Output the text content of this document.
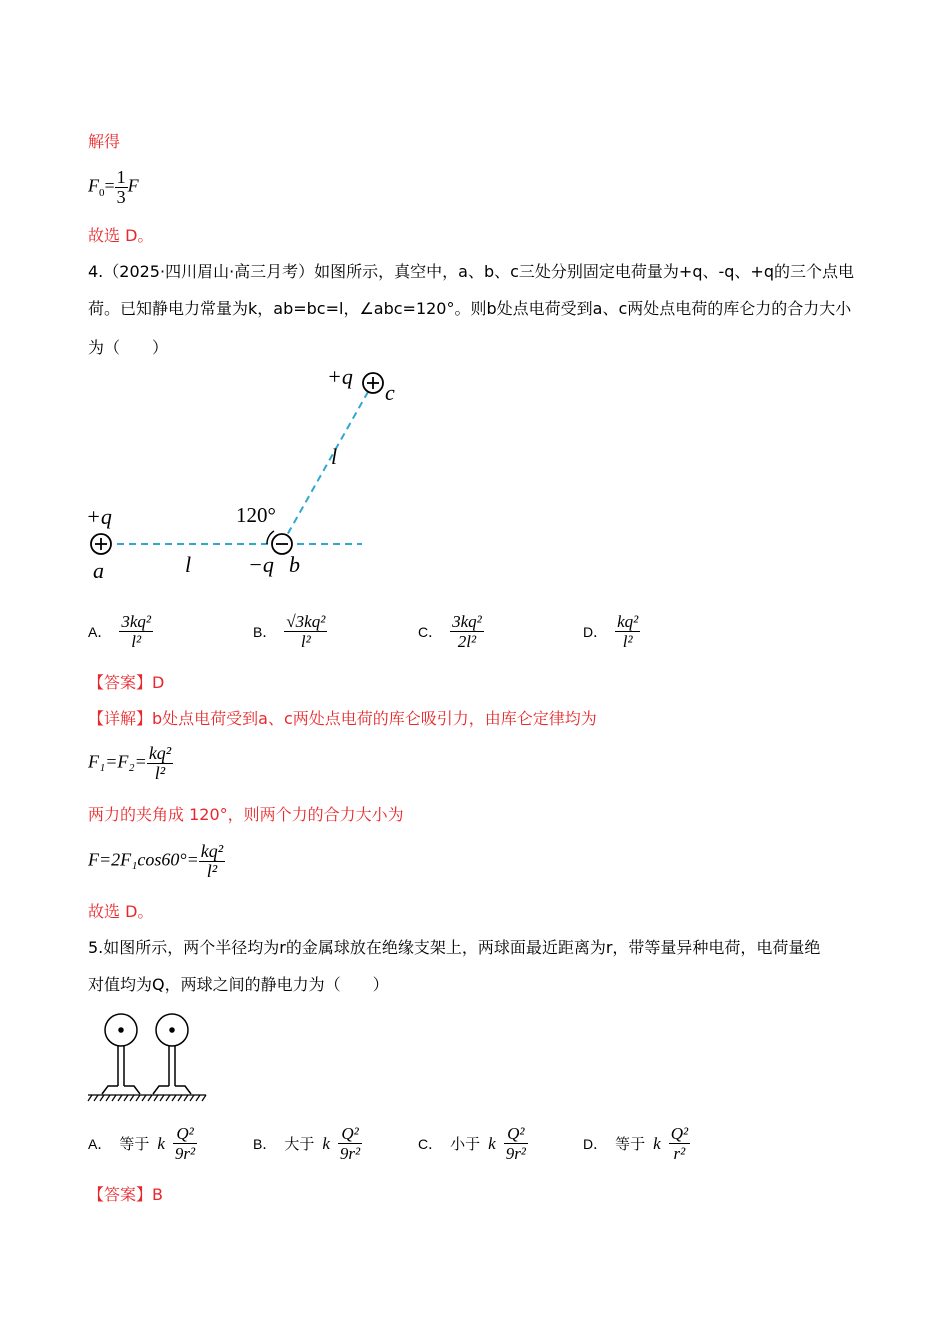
解得
$F_0= \frac{1}{3}$ F
故选 D。
4.（2025·四川眉山·高三月考）如图所示，真空中，a、b、c三处分别固定电荷量为+q、-q、+q的三个点电
荷。已知静电力常量为k，ab=bc=l，∠abc=120°。则b处点电荷受到a、c两处点电荷的库仑力的合力大小
为（　　）
+q
c
l
120°
+q
a	l	−q b
A． $\frac{\text{3kq²}}{\text{l²}}$	B． $\frac{\text{√3kq²}}{\text{l²}}$	C． $\frac{\text{3kq²}}{\text{2l²}}$	D． $\frac{\text{kq²}}{\text{l²}}$
【答案】D
【详解】b处点电荷受到a、c两处点电荷的库仑吸引力，由库仑定律均为
$F_1=F_2= \frac{\text{kq²}}{\text{l²}}$
两力的夹角成 120°，则两个力的合力大小为
$F=2F_1\cos 60^\circ= \frac{\text{kq²}}{\text{l²}}$
故选 D。
5.如图所示，两个半径均为r的金属球放在绝缘支架上，两球面最近距离为r，带等量异种电荷，电荷量绝
对值均为Q，两球之间的静电力为（　　）
A． 等于 k $\frac{\text{Q²}}{\text{9r²}}$	B． 大于 k $\frac{\text{Q²}}{\text{9r²}}$	C． 小于 k $\frac{\text{Q²}}{\text{9r²}}$	D． 等于 k $\frac{\text{Q²}}{\text{r²}}$
【答案】B
